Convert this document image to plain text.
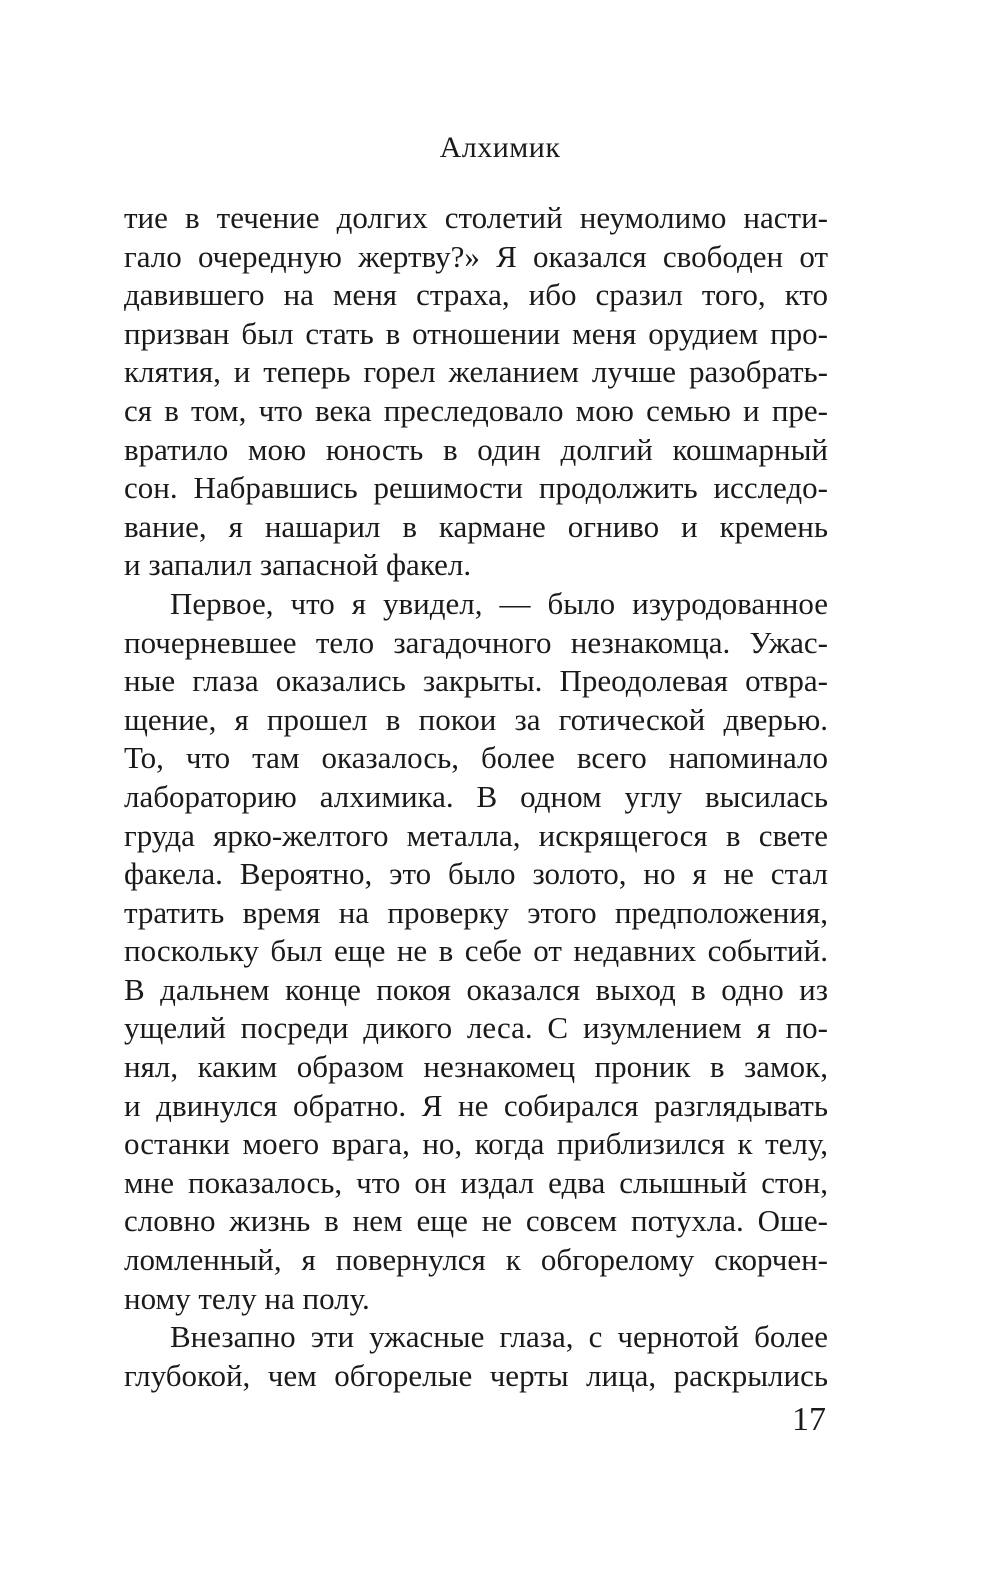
Алхимик
тие в течение долгих столетий неумолимо насти-
гало очередную жертву?» Я оказался свободен от
давившего на меня страха, ибо сразил того, кто
призван был стать в отношении меня орудием про-
клятия, и теперь горел желанием лучше разобрать-
ся в том, что века преследовало мою семью и пре-
вратило мою юность в один долгий кошмарный
сон. Набравшись решимости продолжить исследо-
вание, я нашарил в кармане огниво и кремень
и запалил запасной факел.
Первое, что я увидел, — было изуродованное
почерневшее тело загадочного незнакомца. Ужас-
ные глаза оказались закрыты. Преодолевая отвра-
щение, я прошел в покои за готической дверью.
То, что там оказалось, более всего напоминало
лабораторию алхимика. В одном углу высилась
груда ярко-желтого металла, искрящегося в свете
факела. Вероятно, это было золото, но я не стал
тратить время на проверку этого предположения,
поскольку был еще не в себе от недавних событий.
В дальнем конце покоя оказался выход в одно из
ущелий посреди дикого леса. С изумлением я по-
нял, каким образом незнакомец проник в замок,
и двинулся обратно. Я не собирался разглядывать
останки моего врага, но, когда приблизился к телу,
мне показалось, что он издал едва слышный стон,
словно жизнь в нем еще не совсем потухла. Оше-
ломленный, я повернулся к обгорелому скорчен-
ному телу на полу.
Внезапно эти ужасные глаза, с чернотой более
глубокой, чем обгорелые черты лица, раскрылись
17
